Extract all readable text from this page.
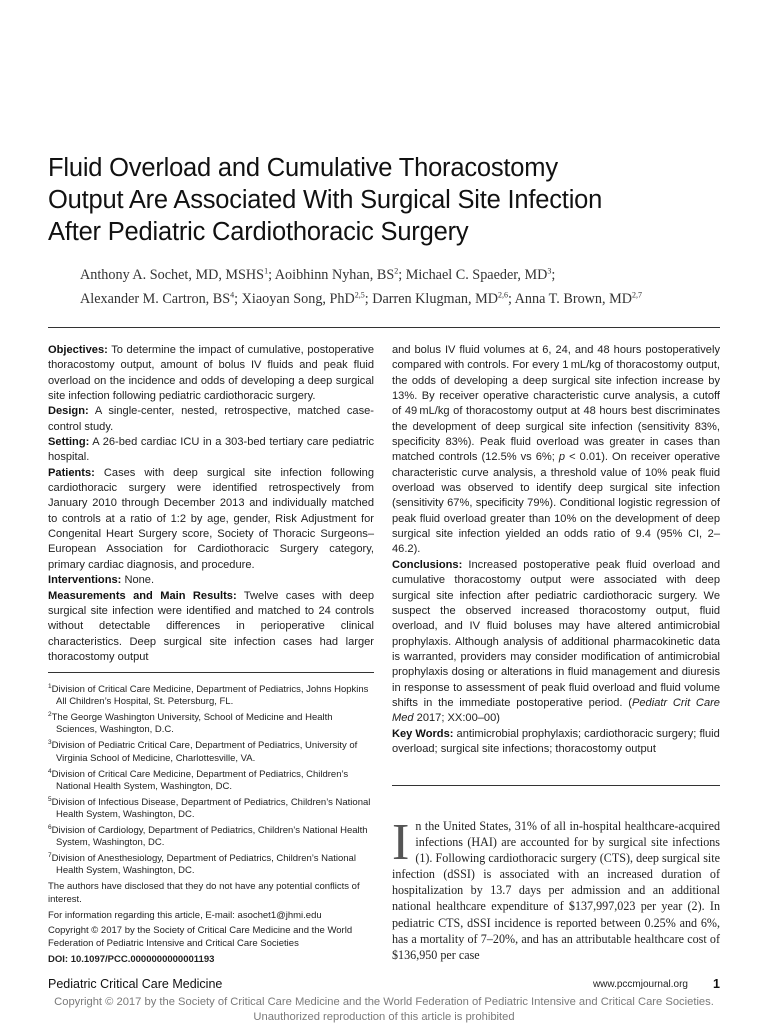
Fluid Overload and Cumulative Thoracostomy
Output Are Associated With Surgical Site Infection
After Pediatric Cardiothoracic Surgery
Anthony A. Sochet, MD, MSHS$^1$; Aoibhinn Nyhan, $BS^2$; Michael C. Spaeder, $MD^3$;
Alexander M. Cartron, $BS^4$; Xiaoyan Song, PhD$^{2,5}$; Darren Klugman, MD$^{2,6}$; Anna T. Brown, MD$^{2,7}$

Objectives: To determine the impact of cumulative, postoperative thoracostomy output, amount of bolus IV fluids and peak fluid overload on the incidence and odds of developing a deep surgical site infection following pediatric cardiothoracic surgery.

Design: A single-center, nested, retrospective, matched case-control study.

Setting: A 26-bed cardiac ICU in a 303-bed tertiary care pediatric hospital.

Patients: Cases with deep surgical site infection following cardiothoracic surgery were identified retrospectively from January 2010 through December 2013 and individually matched to controls at a ratio of 1:2 by age, gender, Risk Adjustment for Congenital Heart Surgery score, Society of Thoracic Surgeons–European Association for Cardiothoracic Surgery category, primary cardiac diagnosis, and procedure.

Interventions: None.

Measurements and Main Results: Twelve cases with deep surgical site infection were identified and matched to 24 controls without detectable differences in perioperative clinical characteristics. Deep surgical site infection cases had larger thoracostomy output

and bolus IV fluid volumes at 6, 24, and 48 hours postoperatively compared with controls. For every 1 mL/kg of thoracostomy output, the odds of developing a deep surgical site infection increase by 13%. By receiver operative characteristic curve analysis, a cutoff of 49 mL/kg of thoracostomy output at 48 hours best discriminates the development of deep surgical site infection (sensitivity 83%, specificity 83%). Peak fluid overload was greater in cases than matched controls (12.5% vs 6%; p < 0.01). On receiver operative characteristic curve analysis, a threshold value of 10% peak fluid overload was observed to identify deep surgical site infection (sensitivity 67%, specificity 79%). Conditional logistic regression of peak fluid overload greater than 10% on the development of deep surgical site infection yielded an odds ratio of 9.4 (95% CI, 2–46.2).

Conclusions: Increased postoperative peak fluid overload and cumulative thoracostomy output were associated with deep surgical site infection after pediatric cardiothoracic surgery. We suspect the observed increased thoracostomy output, fluid overload, and IV fluid boluses may have altered antimicrobial prophylaxis. Although analysis of additional pharmacokinetic data is warranted, providers may consider modification of antimicrobial prophylaxis dosing or alterations in fluid management and diuresis in response to assessment of peak fluid overload and fluid volume shifts in the immediate postoperative period. (Pediatr Crit Care Med 2017; XX:00–00)

Key Words: antimicrobial prophylaxis; cardiothoracic surgery; fluid overload; surgical site infections; thoracostomy output

$^1$Division of Critical Care Medicine, Department of Pediatrics, Johns Hopkins All Children’s Hospital, St. Petersburg, FL.

$^2$The George Washington University, School of Medicine and Health Sciences, Washington, D.C.

$^3$Division of Pediatric Critical Care, Department of Pediatrics, University of Virginia School of Medicine, Charlottesville, VA.

$^4$Division of Critical Care Medicine, Department of Pediatrics, Children’s National Health System, Washington, DC.

$^5$Division of Infectious Disease, Department of Pediatrics, Children’s National Health System, Washington, DC.

$^6$Division of Cardiology, Department of Pediatrics, Children’s National Health System, Washington, DC.

$^7$Division of Anesthesiology, Department of Pediatrics, Children’s National Health System, Washington, DC.

The authors have disclosed that they do not have any potential conflicts of interest.

For information regarding this article, E-mail: asochet1@jhmi.edu

Copyright © 2017 by the Society of Critical Care Medicine and the World Federation of Pediatric Intensive and Critical Care Societies

DOI: 10.1097/PCC.0000000000001193

In the United States, 31% of all in-hospital healthcare-acquired infections (HAI) are accounted for by surgical site infections (1). Following cardiothoracic surgery (CTS), deep surgical site infection (dSSI) is associated with an increased duration of hospitalization by 13.7 days per admission and an additional national healthcare expenditure of $137,997,023 per year (2). In pediatric CTS, dSSI incidence is reported between 0.25% and 6%, has a mortality of 7–20%, and has an attributable healthcare cost of $136,950 per case

Pediatric Critical Care Medicine	www.pccmjournal.org 1
Copyright © 2017 by the Society of Critical Care Medicine and the World Federation of Pediatric Intensive and Critical Care Societies.
Unauthorized reproduction of this article is prohibited
